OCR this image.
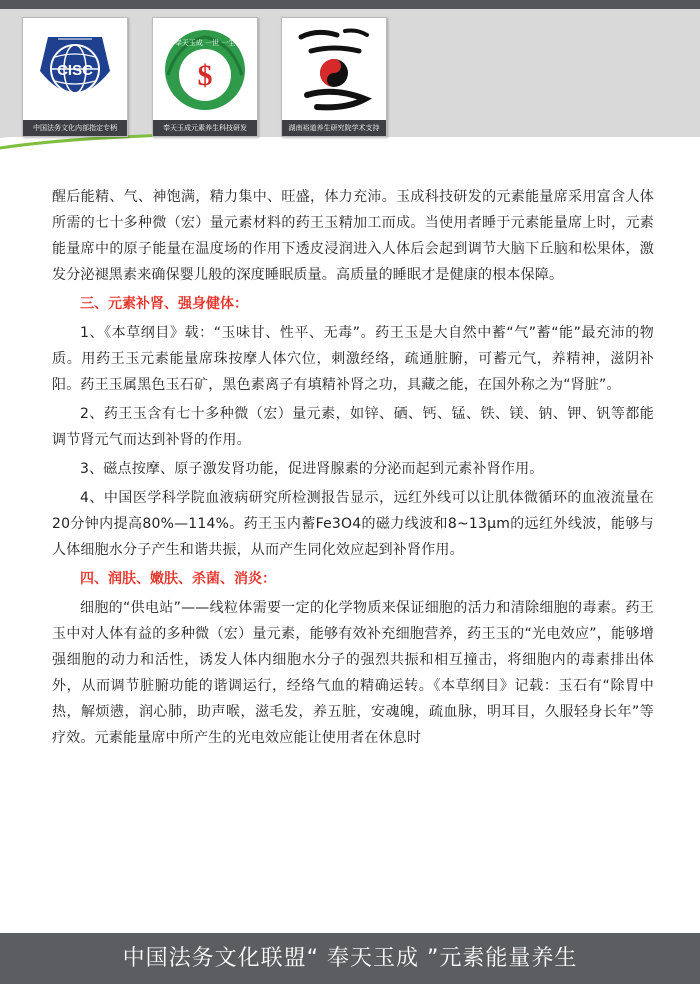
CISC
中国法务文化内部指定专柄
$
奉天玉成 一世 一生
奉天玉成元素养生科技研发	湖南裕道养生研究院学术支持

醒后能精、气、神饱满，精力集中、旺盛，体力充沛。玉成科技研发的元素能量席采用富含人体所需的七十多种微（宏）量元素材料的药王玉精加工而成。当使用者睡于元素能量席上时，元素能量席中的原子能量在温度场的作用下透皮浸润进入人体后会起到调节大脑下丘脑和松果体，激发分泌褪黑素来确保婴儿般的深度睡眠质量。高质量的睡眠才是健康的根本保障。

三、元素补肾、强身健体：

1、《本草纲目》载：“玉味甘、性平、无毒”。药王玉是大自然中蓄“气”蓄“能”最充沛的物质。用药王玉元素能量席珠按摩人体穴位，刺激经络，疏通脏腑，可蓄元气，养精神，滋阴补阳。药王玉属黑色玉石矿，黑色素离子有填精补肾之功，具藏之能，在国外称之为“肾脏”。

2、药王玉含有七十多种微（宏）量元素，如锌、硒、钙、锰、铁、镁、钠、钾、钒等都能调节肾元气而达到补肾的作用。

3、磁点按摩、原子激发肾功能，促进肾腺素的分泌而起到元素补肾作用。

4、中国医学科学院血液病研究所检测报告显示，远红外线可以让肌体微循环的血液流量在20分钟内提高80%—114%。药王玉内蓄Fe3O4的磁力线波和8~13μm的远红外线波，能够与人体细胞水分子产生和谐共振，从而产生同化效应起到补肾作用。

四、润肤、嫩肤、杀菌、消炎：

细胞的“供电站”——线粒体需要一定的化学物质来保证细胞的活力和清除细胞的毒素。药王玉中对人体有益的多种微（宏）量元素，能够有效补充细胞营养，药王玉的“光电效应”，能够增强细胞的动力和活性，诱发人体内细胞水分子的强烈共振和相互撞击，将细胞内的毒素排出体外，从而调节脏腑功能的谐调运行，经络气血的精确运转。《本草纲目》记载：玉石有“除胃中热，解烦懑，润心肺，助声喉，滋毛发，养五脏，安魂魄，疏血脉，明耳目，久服轻身长年”等疗效。元素能量席中所产生的光电效应能让使用者在休息时

中国法务文化联盟“ 奉天玉成 ”元素能量养生
